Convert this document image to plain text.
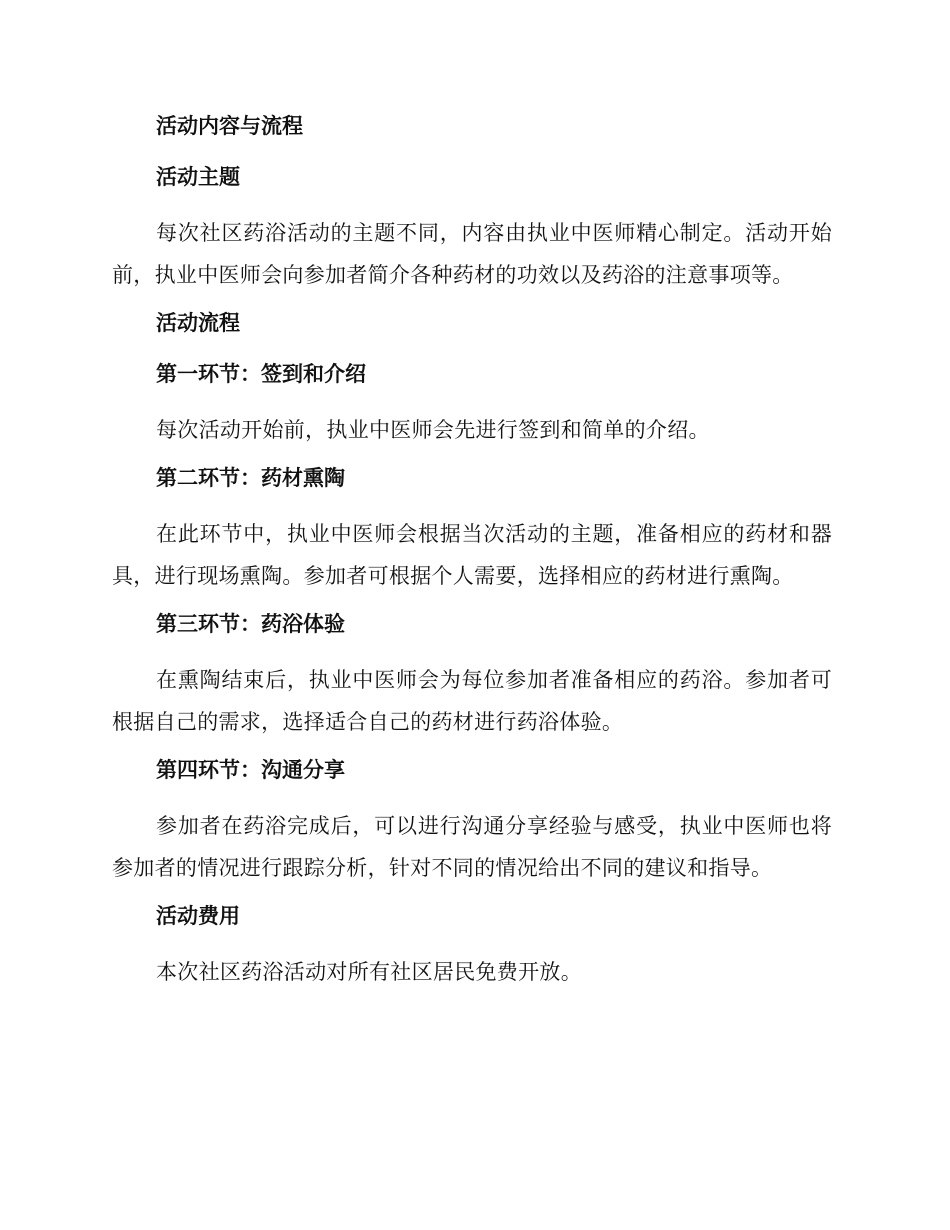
活动内容与流程
活动主题
每次社区药浴活动的主题不同，内容由执业中医师精心制定。活动开始前，执业中医师会向参加者简介各种药材的功效以及药浴的注意事项等。
活动流程
第一环节：签到和介绍
每次活动开始前，执业中医师会先进行签到和简单的介绍。
第二环节：药材熏陶
在此环节中，执业中医师会根据当次活动的主题，准备相应的药材和器具，进行现场熏陶。参加者可根据个人需要，选择相应的药材进行熏陶。
第三环节：药浴体验
在熏陶结束后，执业中医师会为每位参加者准备相应的药浴。参加者可根据自己的需求，选择适合自己的药材进行药浴体验。
第四环节：沟通分享
参加者在药浴完成后，可以进行沟通分享经验与感受，执业中医师也将参加者的情况进行跟踪分析，针对不同的情况给出不同的建议和指导。
活动费用
本次社区药浴活动对所有社区居民免费开放。
